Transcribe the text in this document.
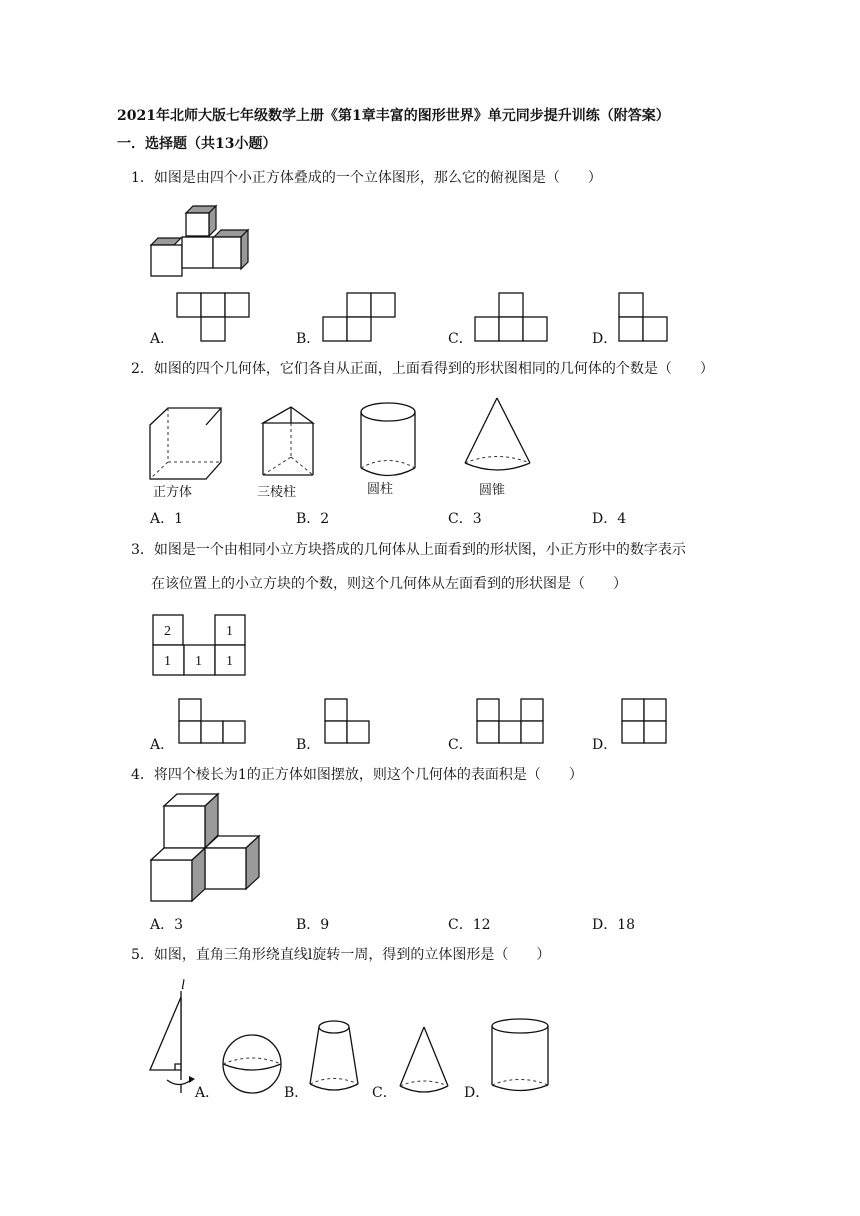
2021年北师大版七年级数学上册《第1章丰富的图形世界》单元同步提升训练（附答案）
一．选择题（共13小题）
1．如图是由四个小正方体叠成的一个立体图形，那么它的俯视图是（　　）
A．	B．	C．	D．
2．如图的四个几何体，它们各自从正面，上面看得到的形状图相同的几何体的个数是（　　）
正方体	三棱柱	圆柱	圆锥
A．1	B．2	C．3	D．4
3．如图是一个由相同小立方块搭成的几何体从上面看到的形状图，小正方形中的数字表示
在该位置上的小立方块的个数，则这个几何体从左面看到的形状图是（　　）
2	1
1 1 1
A．	B．	C．	D．
4．将四个棱长为1的正方体如图摆放，则这个几何体的表面积是（　　）
A．3	B．9	C．12	D．18
5．如图，直角三角形绕直线l旋转一周，得到的立体图形是（　　）
l
A．	B．	C．	D．
